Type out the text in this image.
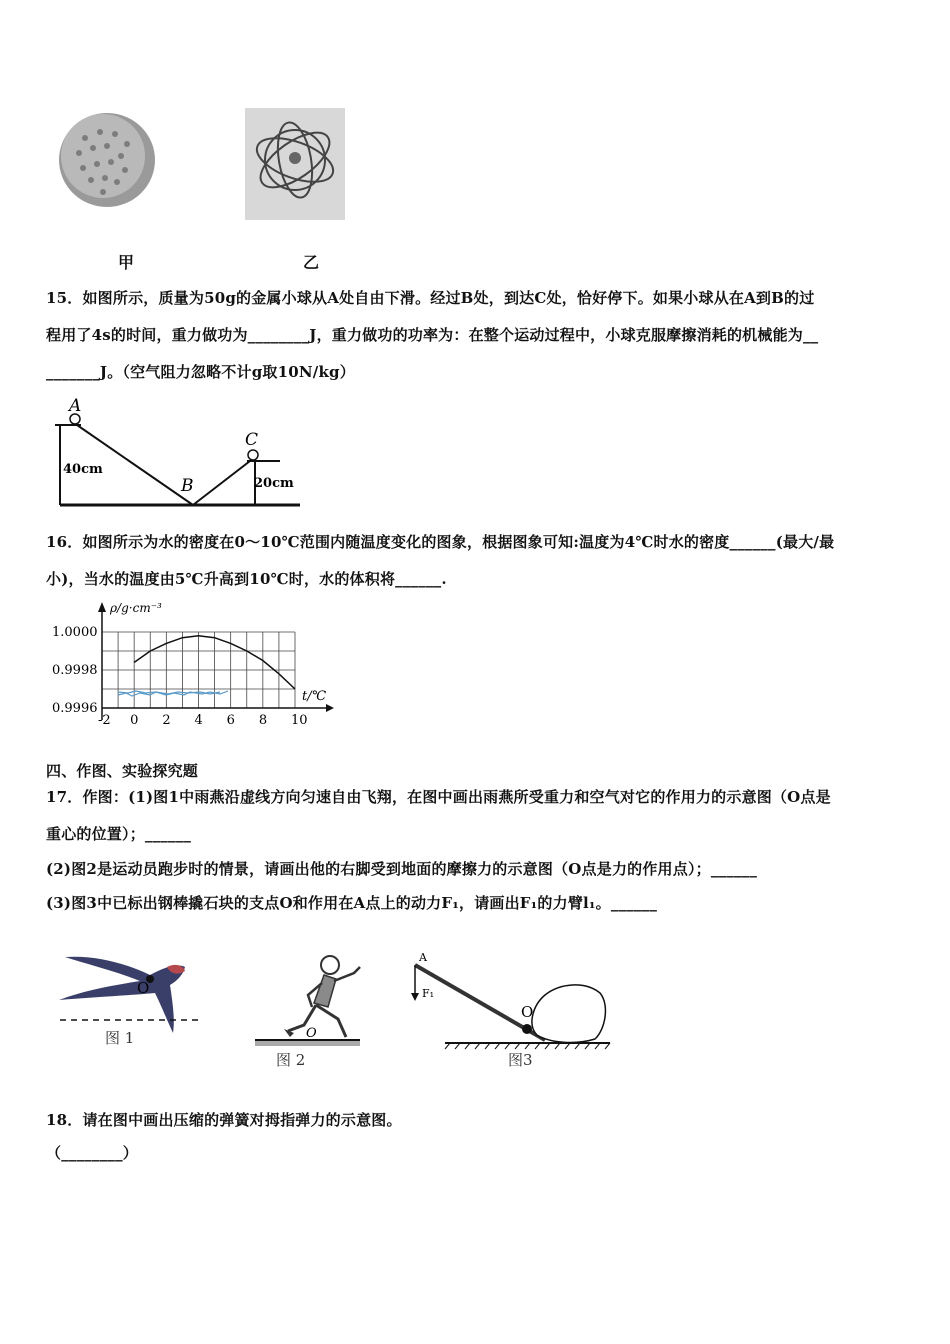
甲	乙
15．如图所示，质量为50g的金属小球从A处自由下滑。经过B处，到达C处，恰好停下。如果小球从在A到B的过
程用了4s的时间，重力做功为________J，重力做功的功率为：在整个运动过程中，小球克服摩擦消耗的机械能为__
_______J。（空气阻力忽略不计g取10N/kg）
A
B
C
40cm
20cm
16．如图所示为水的密度在0～10℃范围内随温度变化的图象，根据图象可知:温度为4℃时水的密度______(最大/最
小)，当水的温度由5℃升高到10℃时，水的体积将______.
ρ/g·cm⁻³
t/℃
-2 0 2 4 6 8 10
1.0000
0.9998
0.9996
四、作图、实验探究题
17．作图：(1)图1中雨燕沿虚线方向匀速自由飞翔，在图中画出雨燕所受重力和空气对它的作用力的示意图（O点是
重心的位置）；______
(2)图2是运动员跑步时的情景，请画出他的右脚受到地面的摩擦力的示意图（O点是力的作用点）；______
(3)图3中已标出钢棒撬石块的支点O和作用在A点上的动力F₁，请画出F₁的力臂l₁。______
O
图 1	O
图 2
A
F₁
O
图3
18．请在图中画出压缩的弹簧对拇指弹力的示意图。
（________）
